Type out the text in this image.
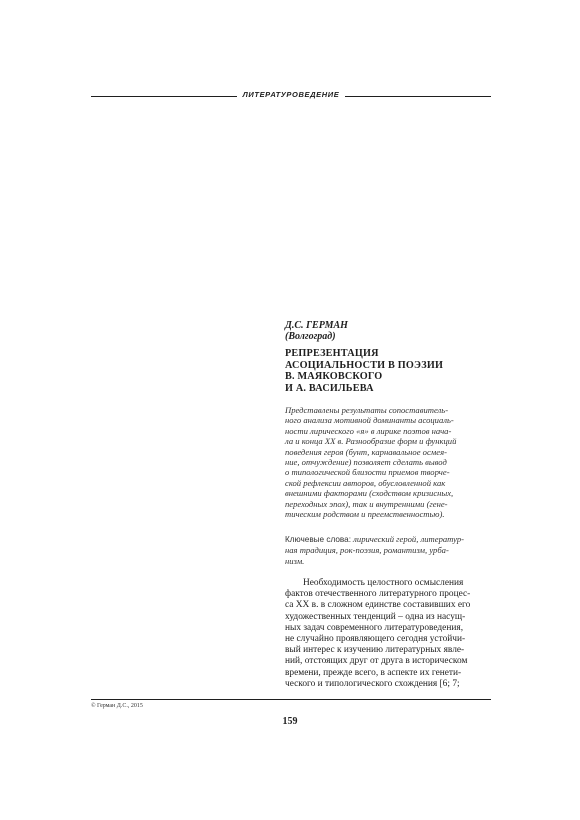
ЛИТЕРАТУРОВЕДЕНИЕ
Д.С. ГЕРМАН
(Волгоград)
РЕПРЕЗЕНТАЦИЯ
АСОЦИАЛЬНОСТИ В ПОЭЗИИ
В. МАЯКОВСКОГО
И А. ВАСИЛЬЕВА
Представлены результаты сопоставитель-
ного анализа мотивной доминанты асоциаль-
ности лирического «я» в лирике поэтов нача-
ла и конца XX в. Разнообразие форм и функций
поведения героя (бунт, карнавальное осмея-
ние, отчуждение) позволяет сделать вывод
о типологической близости приемов творче-
ской рефлексии авторов, обусловленной как
внешними факторами (сходством кризисных,
переходных эпох), так и внутренними (гене-
тическим родством и преемственностью).
Ключевые слова: лирический герой, литератур-
ная традиция, рок-поэзия, романтизм, урба-
низм.
Необходимость целостного осмысления
фактов отечественного литературного процес-
са XX в. в сложном единстве составивших его
художественных тенденций – одна из насущ-
ных задач современного литературоведения,
не случайно проявляющего сегодня устойчи-
вый интерес к изучению литературных явле-
ний, отстоящих друг от друга в историческом
времени, прежде всего, в аспекте их генети-
ческого и типологического схождения [6; 7;
© Герман Д.С., 2015
159
